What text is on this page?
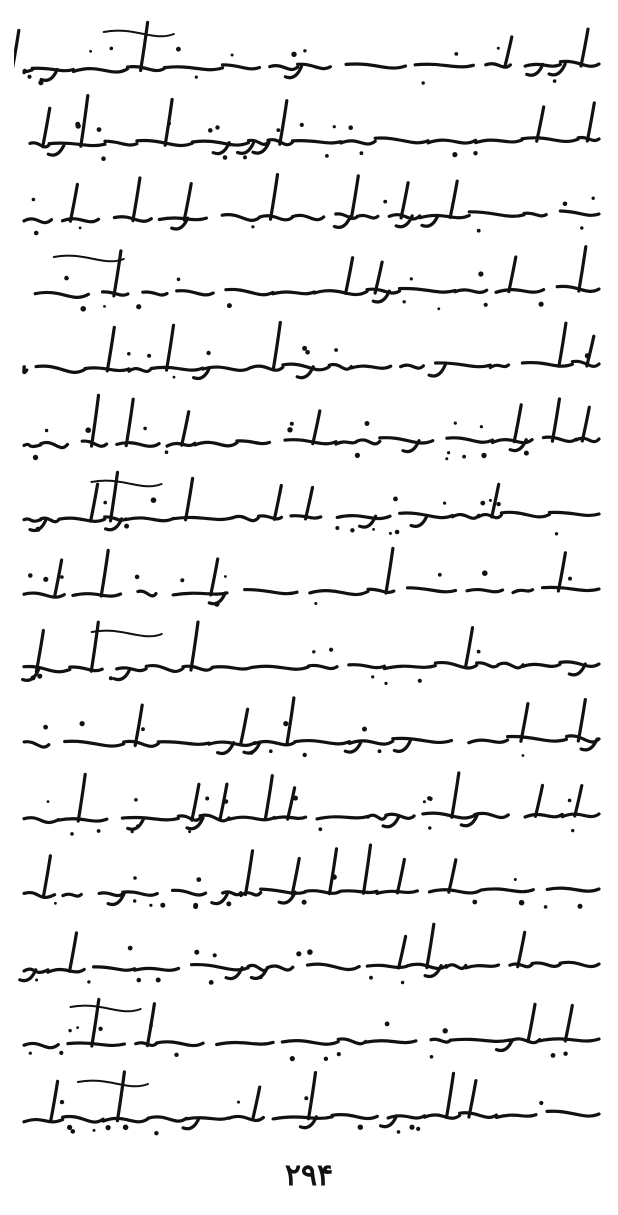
۲۹۴
